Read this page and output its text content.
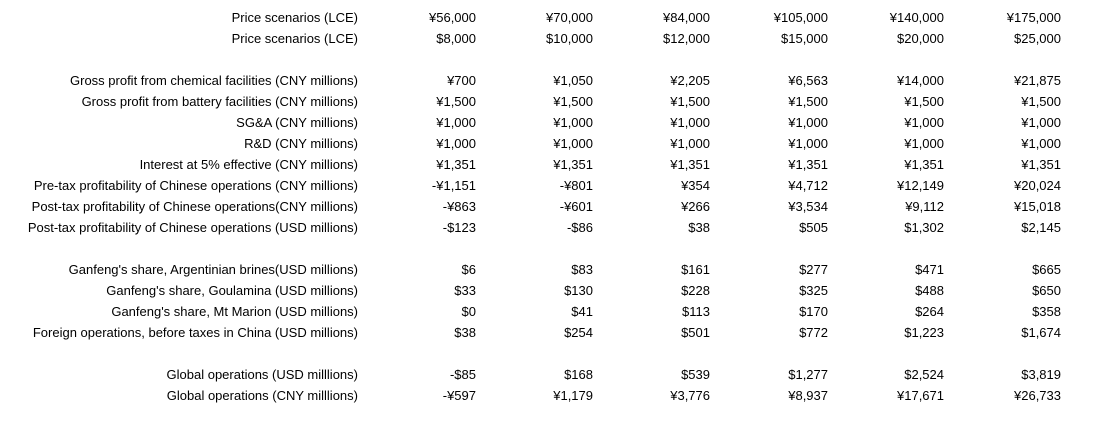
Price scenarios (LCE)	¥56,000	¥70,000	¥84,000	¥105,000	¥140,000	¥175,000
Price scenarios (LCE)	$8,000	$10,000	$12,000	$15,000	$20,000	$25,000
Gross profit from chemical facilities (CNY millions)	¥700	¥1,050	¥2,205	¥6,563	¥14,000	¥21,875
Gross profit from battery facilities (CNY millions)	¥1,500	¥1,500	¥1,500	¥1,500	¥1,500	¥1,500
SG&A (CNY millions)	¥1,000	¥1,000	¥1,000	¥1,000	¥1,000	¥1,000
R&D (CNY millions)	¥1,000	¥1,000	¥1,000	¥1,000	¥1,000	¥1,000
Interest at 5% effective (CNY millions)	¥1,351	¥1,351	¥1,351	¥1,351	¥1,351	¥1,351
Pre-tax profitability of Chinese operations (CNY millions)	-¥1,151	-¥801	¥354	¥4,712	¥12,149	¥20,024
Post-tax profitability of Chinese operations(CNY millions)	-¥863	-¥601	¥266	¥3,534	¥9,112	¥15,018
Post-tax profitability of Chinese operations (USD millions)	-$123	-$86	$38	$505	$1,302	$2,145
Ganfeng's share, Argentinian brines(USD millions)	$6	$83	$161	$277	$471	$665
Ganfeng's share, Goulamina (USD millions)	$33	$130	$228	$325	$488	$650
Ganfeng's share, Mt Marion (USD millions)	$0	$41	$113	$170	$264	$358
Foreign operations, before taxes in China (USD millions)	$38	$254	$501	$772	$1,223	$1,674
Global operations (USD milllions)	-$85	$168	$539	$1,277	$2,524	$3,819
Global operations (CNY milllions)	-¥597	¥1,179	¥3,776	¥8,937	¥17,671	¥26,733
